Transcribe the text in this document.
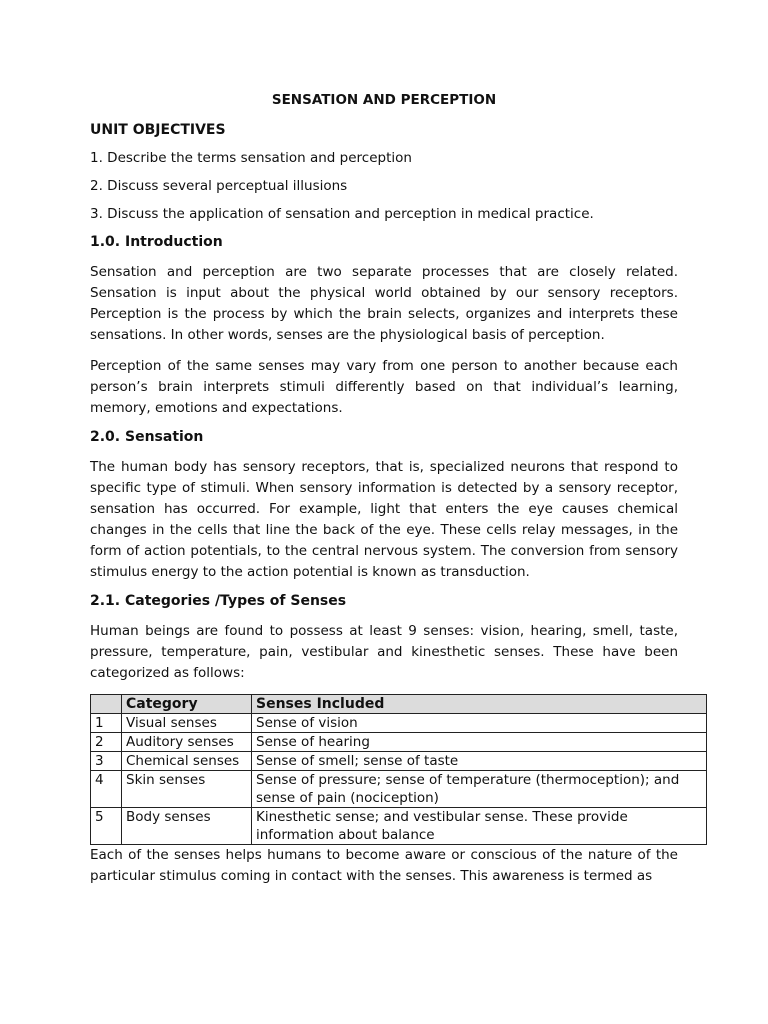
SENSATION AND PERCEPTION
UNIT OBJECTIVES
1. Describe the terms sensation and perception
2. Discuss several perceptual illusions
3. Discuss the application of sensation and perception in medical practice.
1.0. Introduction

Sensation and perception are two separate processes that are closely related. Sensation is input about the physical world obtained by our sensory receptors. Perception is the process by which the brain selects, organizes and interprets these sensations. In other words, senses are the physiological basis of perception.

Perception of the same senses may vary from one person to another because each person’s brain interprets stimuli differently based on that individual’s learning, memory, emotions and expectations.

2.0. Sensation

The human body has sensory receptors, that is, specialized neurons that respond to specific type of stimuli. When sensory information is detected by a sensory receptor, sensation has occurred. For example, light that enters the eye causes chemical changes in the cells that line the back of the eye. These cells relay messages, in the form of action potentials, to the central nervous system. The conversion from sensory stimulus energy to the action potential is known as transduction.

2.1. Categories /Types of Senses

Human beings are found to possess at least 9 senses: vision, hearing, smell, taste, pressure, temperature, pain, vestibular and kinesthetic senses. These have been categorized as follows:

	Category	Senses Included
1	Visual senses	Sense of vision
2	Auditory senses	Sense of hearing
3	Chemical senses	Sense of smell; sense of taste
4	Skin senses	Sense of pressure; sense of temperature (thermoception); and sense of pain (nociception)
5	Body senses	Kinesthetic sense; and vestibular sense. These provide information about balance

Each of the senses helps humans to become aware or conscious of the nature of the particular stimulus coming in contact with the senses. This awareness is termed as
